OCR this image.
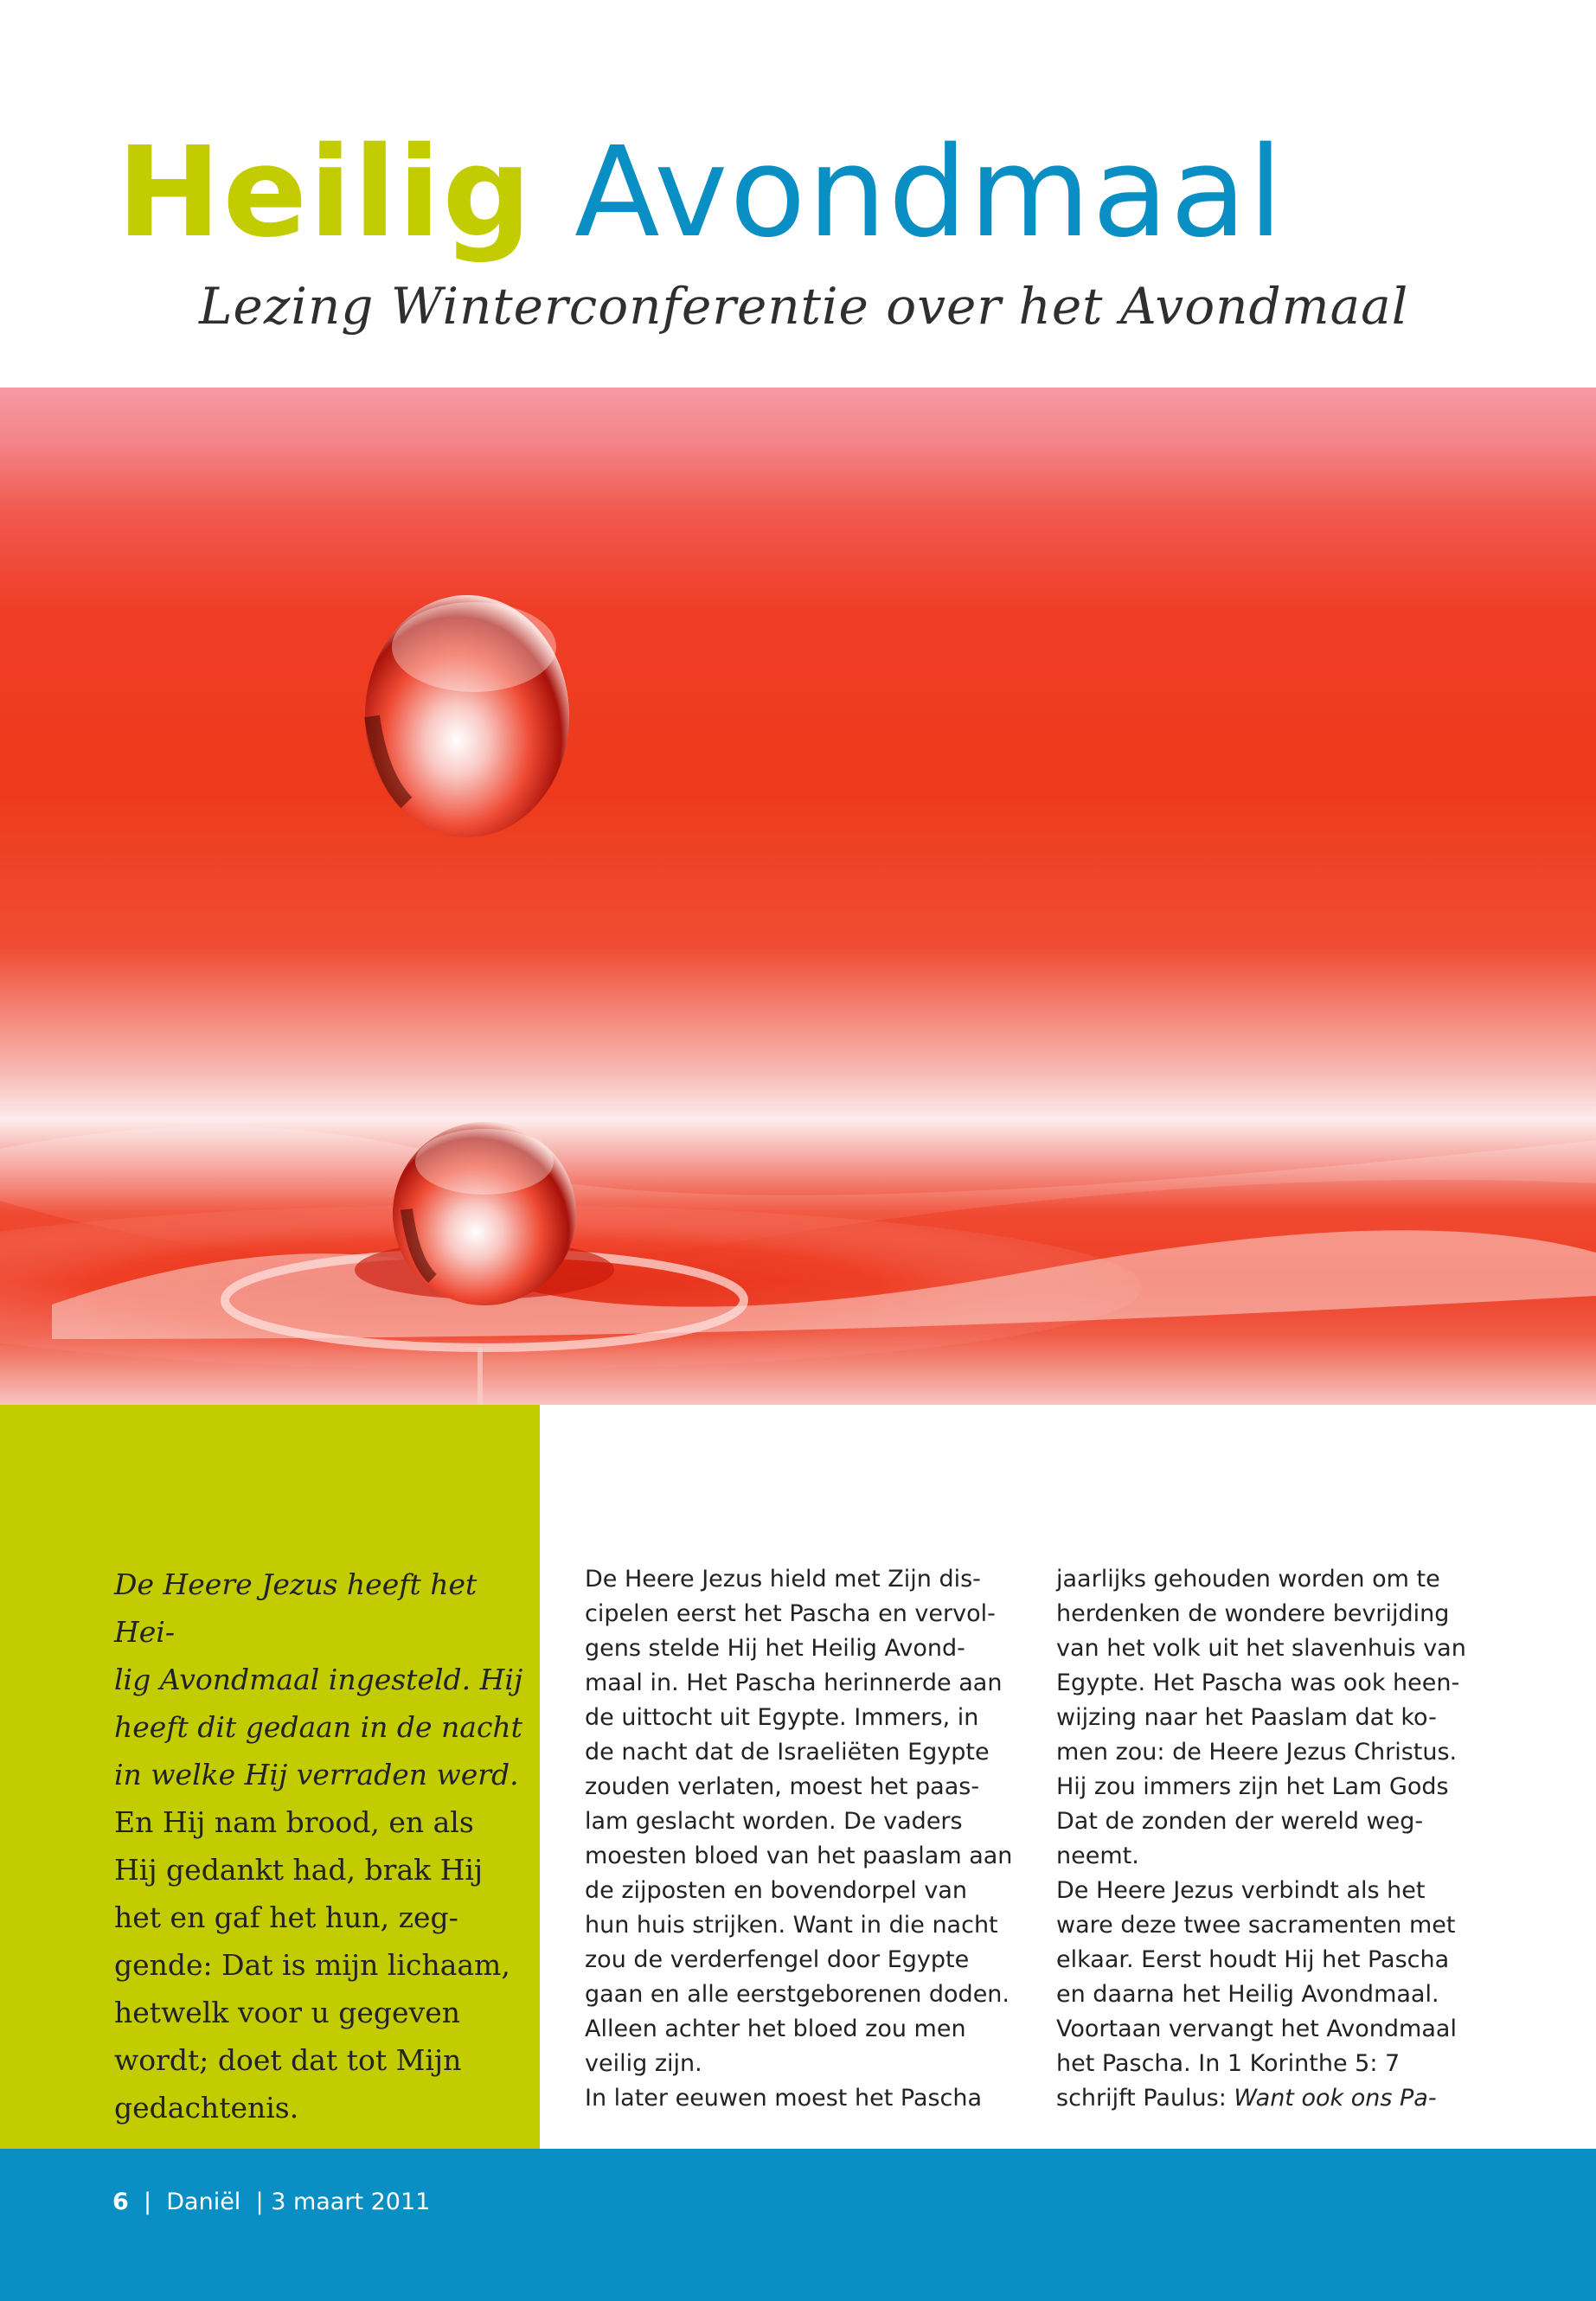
Heilig Avondmaal
Lezing Winterconferentie over het Avondmaal
De Heere Jezus heeft het Hei-
lig Avondmaal ingesteld. Hij
heeft dit gedaan in de nacht
in welke Hij verraden werd.
En Hij nam brood, en als
Hij gedankt had, brak Hij
het en gaf het hun, zeg-
gende: Dat is mijn lichaam,
hetwelk voor u gegeven
wordt; doet dat tot Mijn
gedachtenis.

De Heere Jezus hield met Zijn dis-

cipelen eerst het Pascha en vervol-

gens stelde Hij het Heilig Avond-

maal in. Het Pascha herinnerde aan

de uittocht uit Egypte. Immers, in

de nacht dat de Israeliëten Egypte

zouden verlaten, moest het paas-

lam geslacht worden. De vaders

moesten bloed van het paaslam aan

de zijposten en bovendorpel van

hun huis strijken. Want in die nacht

zou de verderfengel door Egypte

gaan en alle eerstgeborenen doden.

Alleen achter het bloed zou men

veilig zijn.

In later eeuwen moest het Pascha

jaarlijks gehouden worden om te

herdenken de wondere bevrijding

van het volk uit het slavenhuis van

Egypte. Het Pascha was ook heen-

wijzing naar het Paaslam dat ko-

men zou: de Heere Jezus Christus.

Hij zou immers zijn het Lam Gods

Dat de zonden der wereld weg-

neemt.

De Heere Jezus verbindt als het

ware deze twee sacramenten met

elkaar. Eerst houdt Hij het Pascha

en daarna het Heilig Avondmaal.

Voortaan vervangt het Avondmaal

het Pascha. In 1 Korinthe 5: 7

schrijft Paulus: Want ook ons Pa-

6 | Daniël | 3 maart 2011
